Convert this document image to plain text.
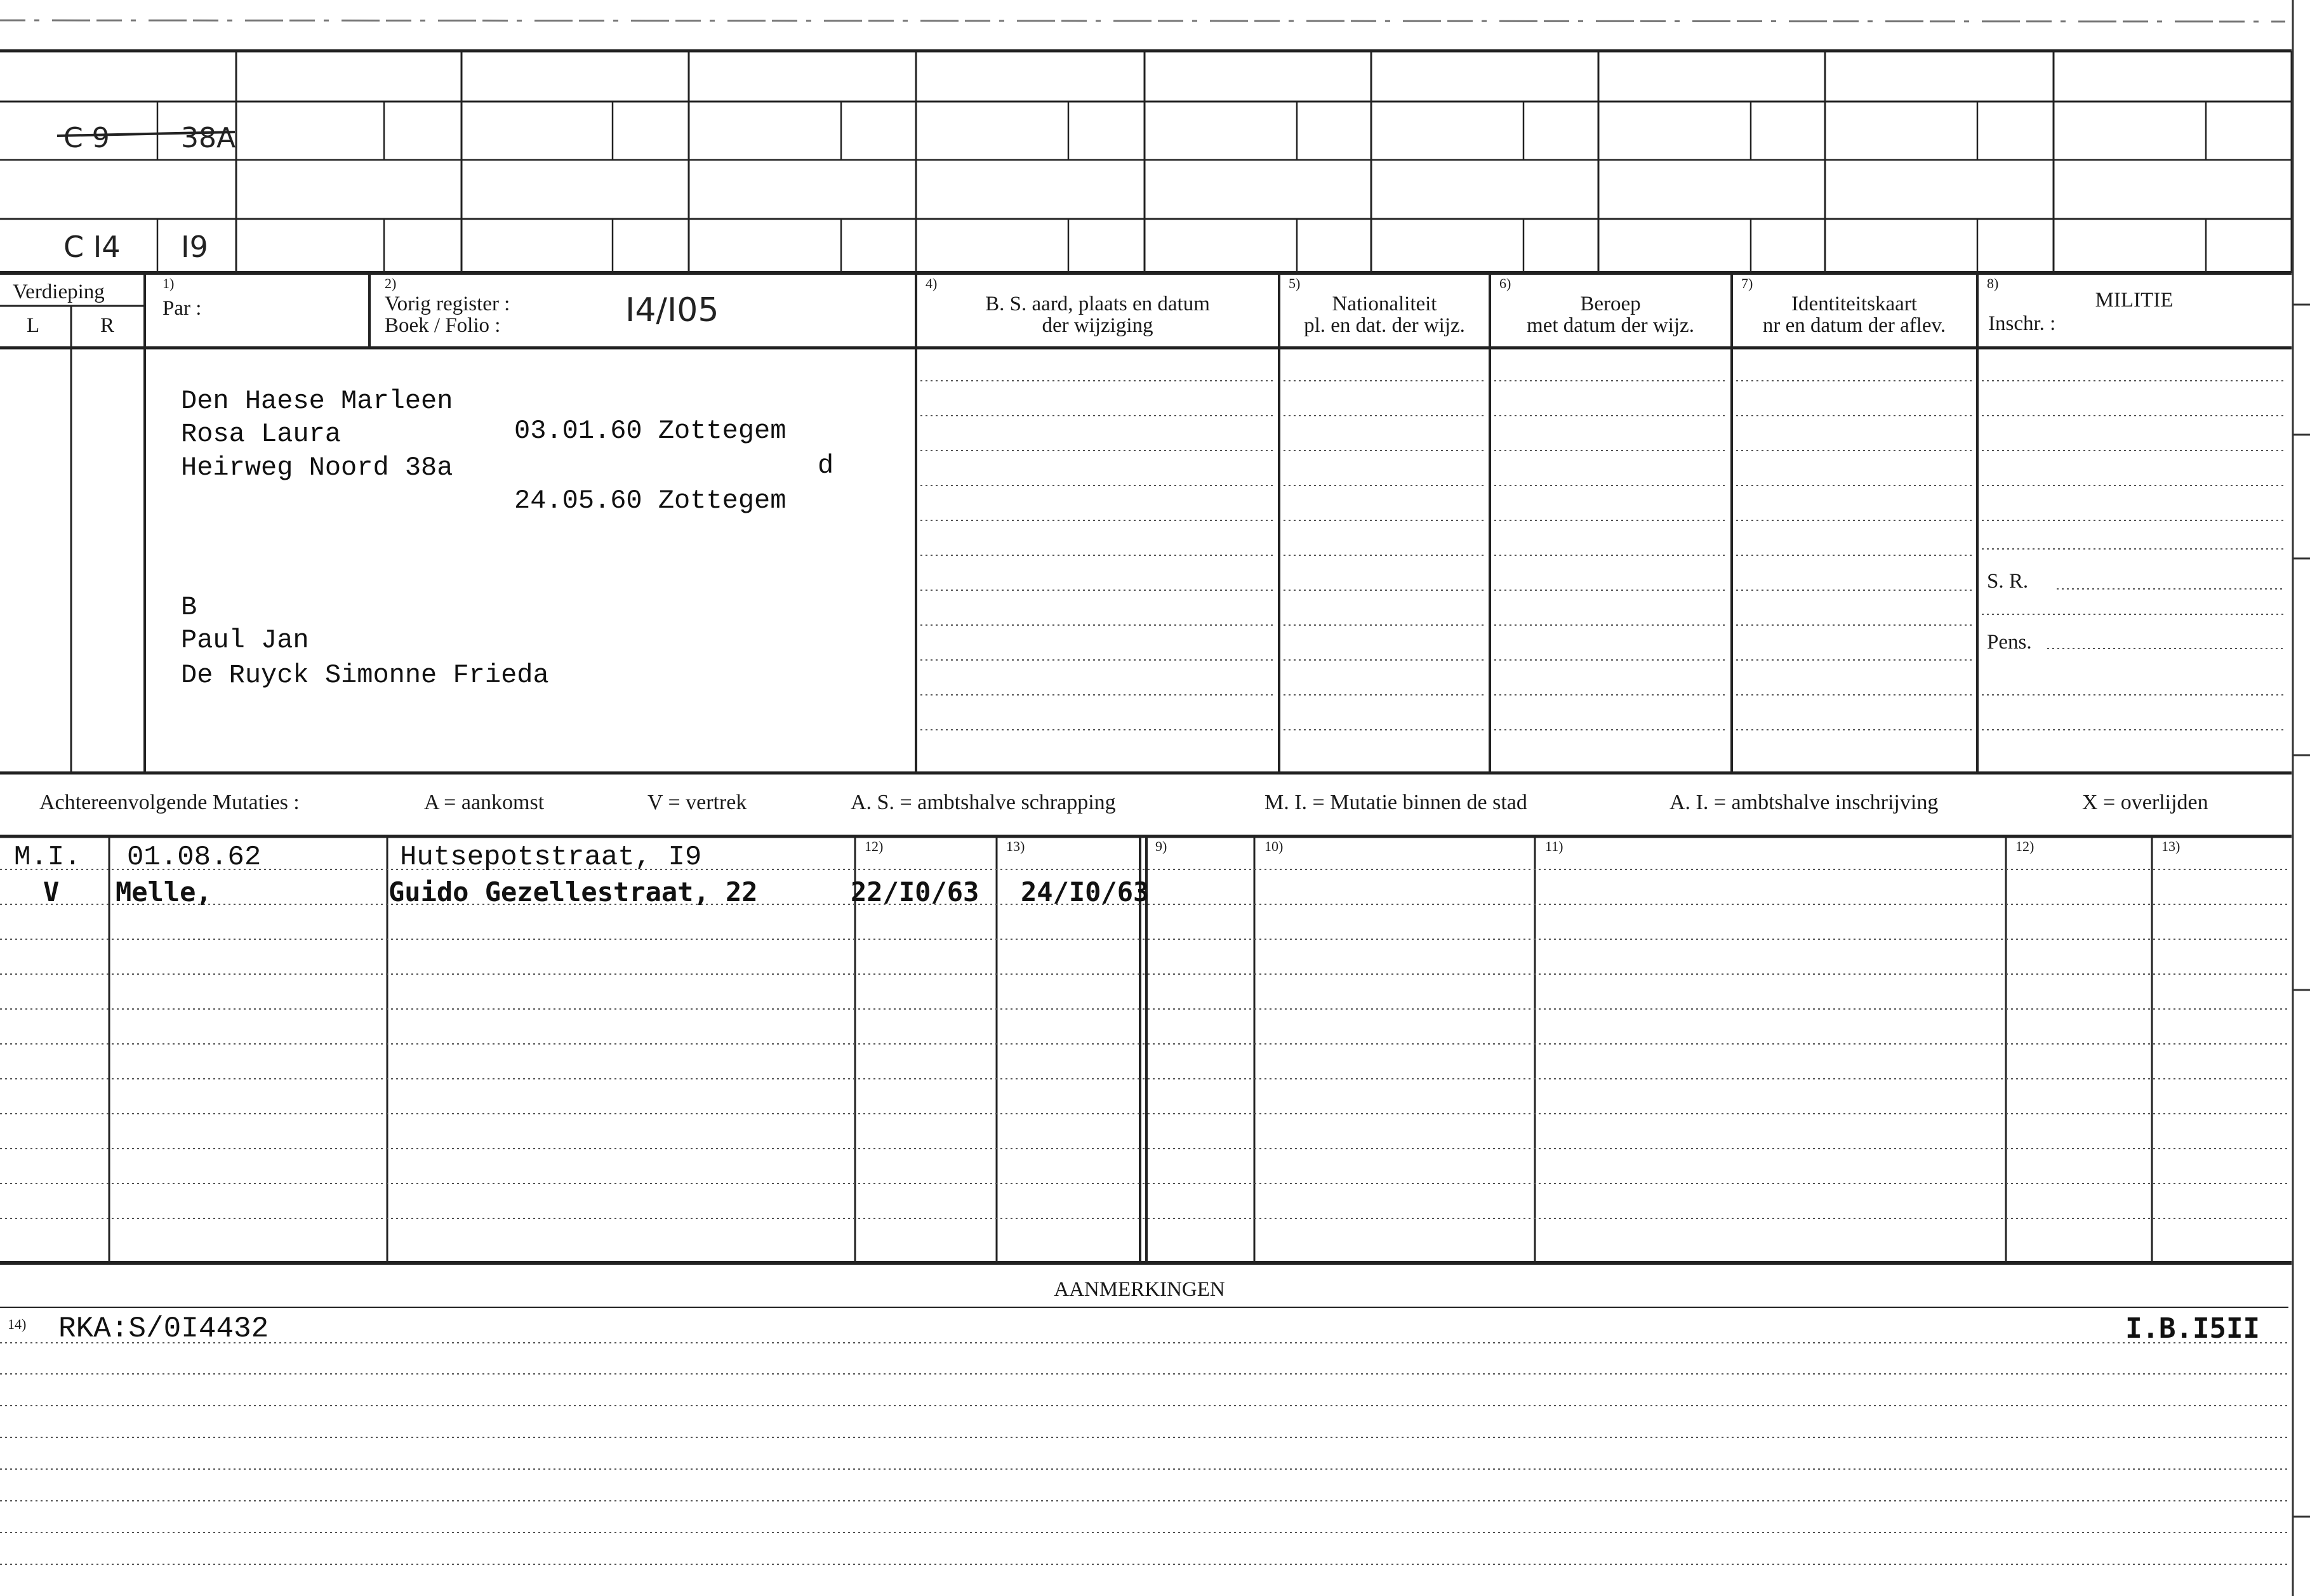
C 9	38A
C I4 I9
Verdieping
L	R
1)
Par :
2)
Vorig register :
Boek / Folio :	I4/I05
4)
B. S. aard, plaats en datum
der wijziging
5)
Nationaliteit
pl. en dat. der wijz.
6)
Beroep
met datum der wijz.
7)
Identiteitskaart
nr en datum der aflev.
8)
MILITIE
Inschr. :
S. R.
Pens.
Den Haese Marleen
Rosa Laura	03.01.60 Zottegem
Heirweg Noord 38a	d
24.05.60 Zottegem
B
Paul Jan
De Ruyck Simonne Frieda
Achtereenvolgende Mutaties :	A = aankomst	V = vertrek	A. S. = ambtshalve schrapping	M. I. = Mutatie binnen de stad	A. I. = ambtshalve inschrijving	X = overlijden
12)	13)	9)	10)	11)	12)	13)
M.I. 01.08.62	Hutsepotstraat, I9
V Melle,	Guido Gezellestraat, 22	22/I0/63 24/I0/63
AANMERKINGEN
14) RKA:S/0I4432	I.B.I5II
